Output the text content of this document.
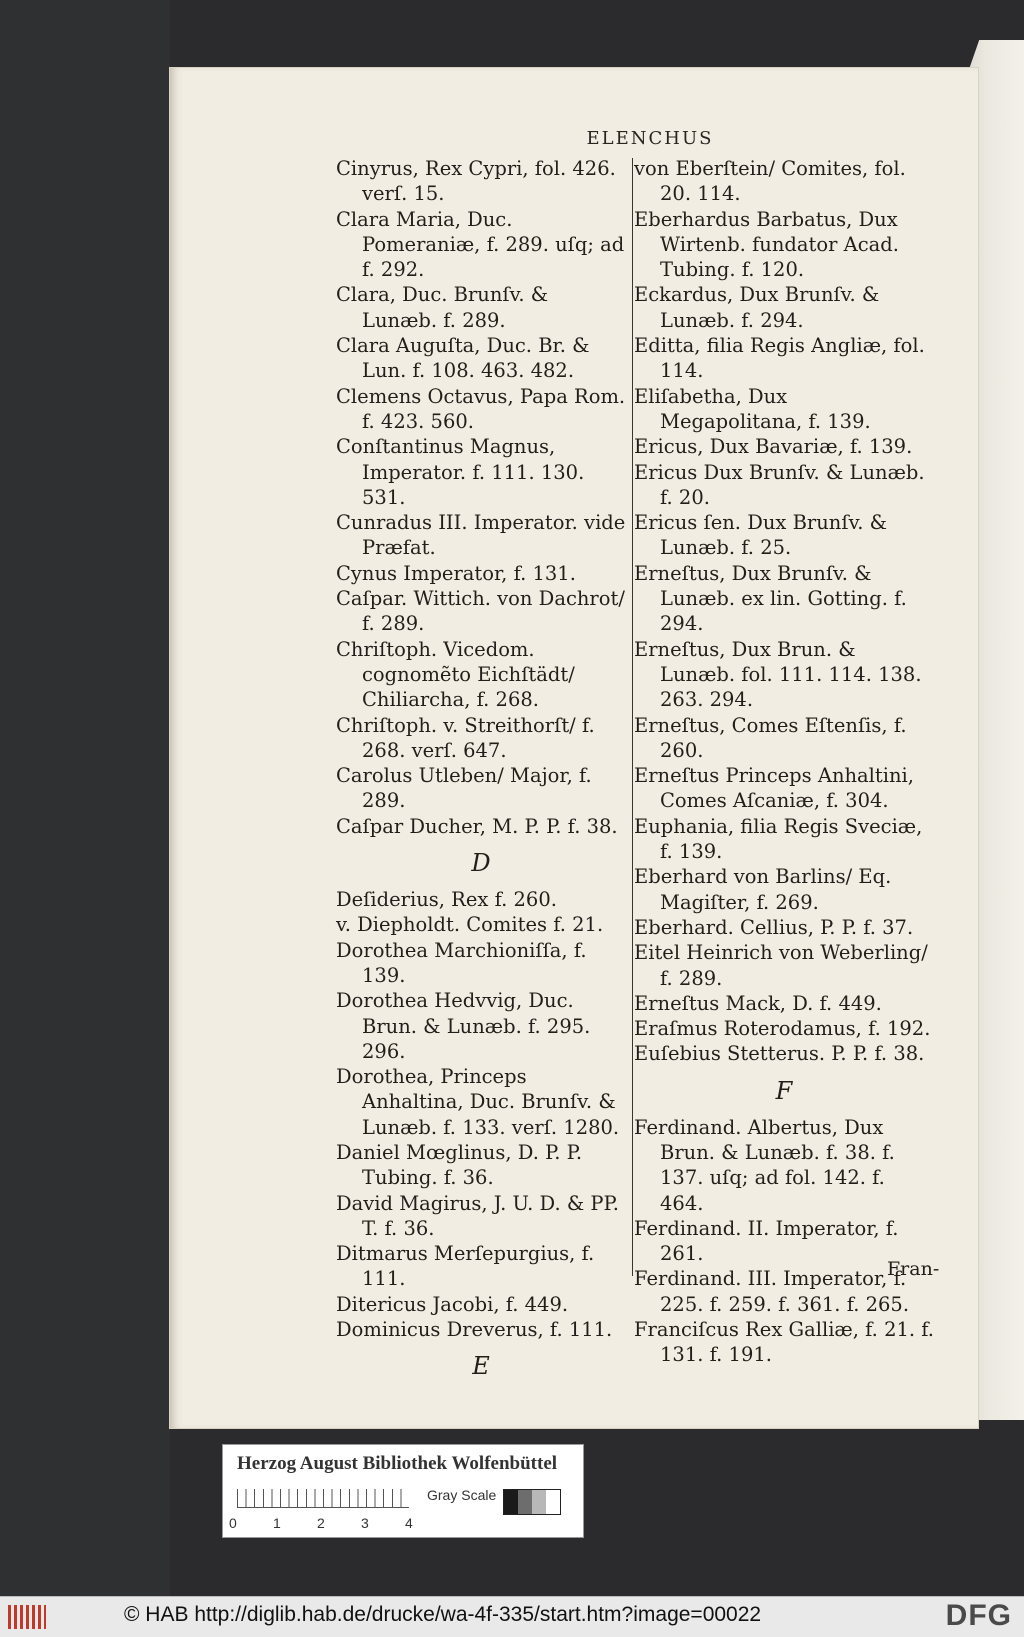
ELENCHUS

Cinyrus, Rex Cypri, fol. 426. verſ. 15.

Clara Maria, Duc. Pomeraniæ, f. 289. uſq; ad f. 292.

Clara, Duc. Brunſv. & Lunæb. f. 289.

Clara Auguſta, Duc. Br. & Lun. f. 108. 463. 482.

Clemens Octavus, Papa Rom. f. 423. 560.

Conſtantinus Magnus, Imperator. f. 111. 130. 531.

Cunradus III. Imperator. vide Præfat.

Cynus Imperator, f. 131.

Caſpar. Wittich. von Dachrot/ f. 289.

Chriſtoph. Vicedom. cognomẽto Eichſtädt/ Chiliarcha, f. 268.

Chriſtoph. v. Streithorſt/ f. 268. verſ. 647.

Carolus Utleben/ Major, f. 289.

Caſpar Ducher, M. P. P. f. 38.

D

Deſiderius, Rex f. 260.

v. Diepholdt. Comites f. 21.

Dorothea Marchioniſſa, f. 139.

Dorothea Hedvvig, Duc. Brun. & Lunæb. f. 295. 296.

Dorothea, Princeps Anhaltina, Duc. Brunſv. & Lunæb. f. 133. verſ. 1280.

Daniel Mœglinus, D. P. P. Tubing. f. 36.

David Magirus, J. U. D. & PP. T. f. 36.

Ditmarus Merſepurgius, f. 111.

Ditericus Jacobi, f. 449.

Dominicus Dreverus, f. 111.

E

von Eberſtein/ Comites, fol. 20. 114.

Eberhardus Barbatus, Dux Wirtenb. fundator Acad. Tubing. f. 120.

Eckardus, Dux Brunſv. & Lunæb. f. 294.

Editta, filia Regis Angliæ, fol. 114.

Eliſabetha, Dux Megapolitana, f. 139.

Ericus, Dux Bavariæ, f. 139.

Ericus Dux Brunſv. & Lunæb. f. 20.

Ericus ſen. Dux Brunſv. & Lunæb. f. 25.

Erneſtus, Dux Brunſv. & Lunæb. ex lin. Gotting. f. 294.

Erneſtus, Dux Brun. & Lunæb. fol. 111. 114. 138. 263. 294.

Erneſtus, Comes Eſtenſis, f. 260.

Erneſtus Princeps Anhaltini, Comes Aſcaniæ, f. 304.

Euphania, filia Regis Sveciæ, f. 139.

Eberhard von Barlins/ Eq. Magiſter, f. 269.

Eberhard. Cellius, P. P. f. 37.

Eitel Heinrich von Weberling/ f. 289.

Erneſtus Mack, D. f. 449.

Eraſmus Roterodamus, f. 192.

Euſebius Stetterus. P. P. f. 38.

F

Ferdinand. Albertus, Dux Brun. & Lunæb. f. 38. f. 137. uſq; ad fol. 142. f. 464.

Ferdinand. II. Imperator, f. 261.

Ferdinand. III. Imperator, f. 225. f. 259. f. 361. f. 265.

Franciſcus Rex Galliæ, f. 21. f. 131. f. 191.

Fran-
Herzog August Bibliothek Wolfenbüttel
0	1	2	3	4
Gray Scale
© HAB http://diglib.hab.de/drucke/wa-4f-335/start.htm?image=00022	DFG
